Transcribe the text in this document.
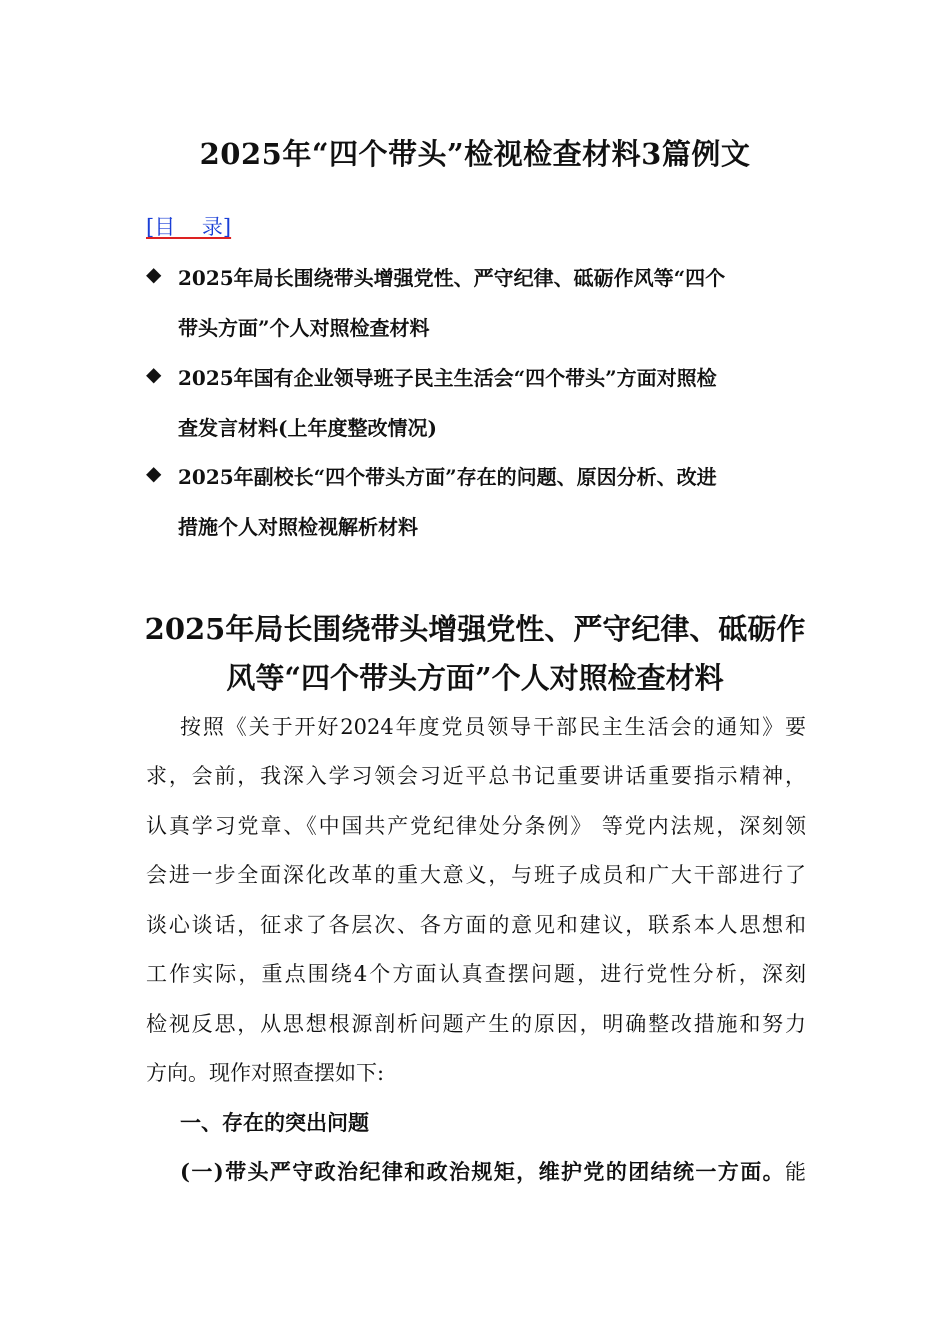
2025年“四个带头”检视检查材料3篇例文
[目    录]
◆ 2025年局长围绕带头增强党性、严守纪律、砥砺作风等“四个
带头方面”个人对照检查材料
◆ 2025年国有企业领导班子民主生活会“四个带头”方面对照检
查发言材料(上年度整改情况)
◆ 2025年副校长“四个带头方面”存在的问题、原因分析、改进
措施个人对照检视解析材料
2025年局长围绕带头增强党性、严守纪律、砥砺作
风等“四个带头方面”个人对照检查材料
按照《关于开好2024年度党员领导干部民主生活会的通知》要
求，会前，我深入学习领会习近平总书记重要讲话重要指示精神，
认真学习党章、《中国共产党纪律处分条例》 等党内法规，深刻领
会进一步全面深化改革的重大意义，与班子成员和广大干部进行了
谈心谈话，征求了各层次、各方面的意见和建议，联系本人思想和
工作实际，重点围绕4个方面认真查摆问题，进行党性分析，深刻
检视反思，从思想根源剖析问题产生的原因，明确整改措施和努力
方向。现作对照查摆如下:
一、存在的突出问题
(一)带头严守政治纪律和政治规矩，维护党的团结统一方面。能
